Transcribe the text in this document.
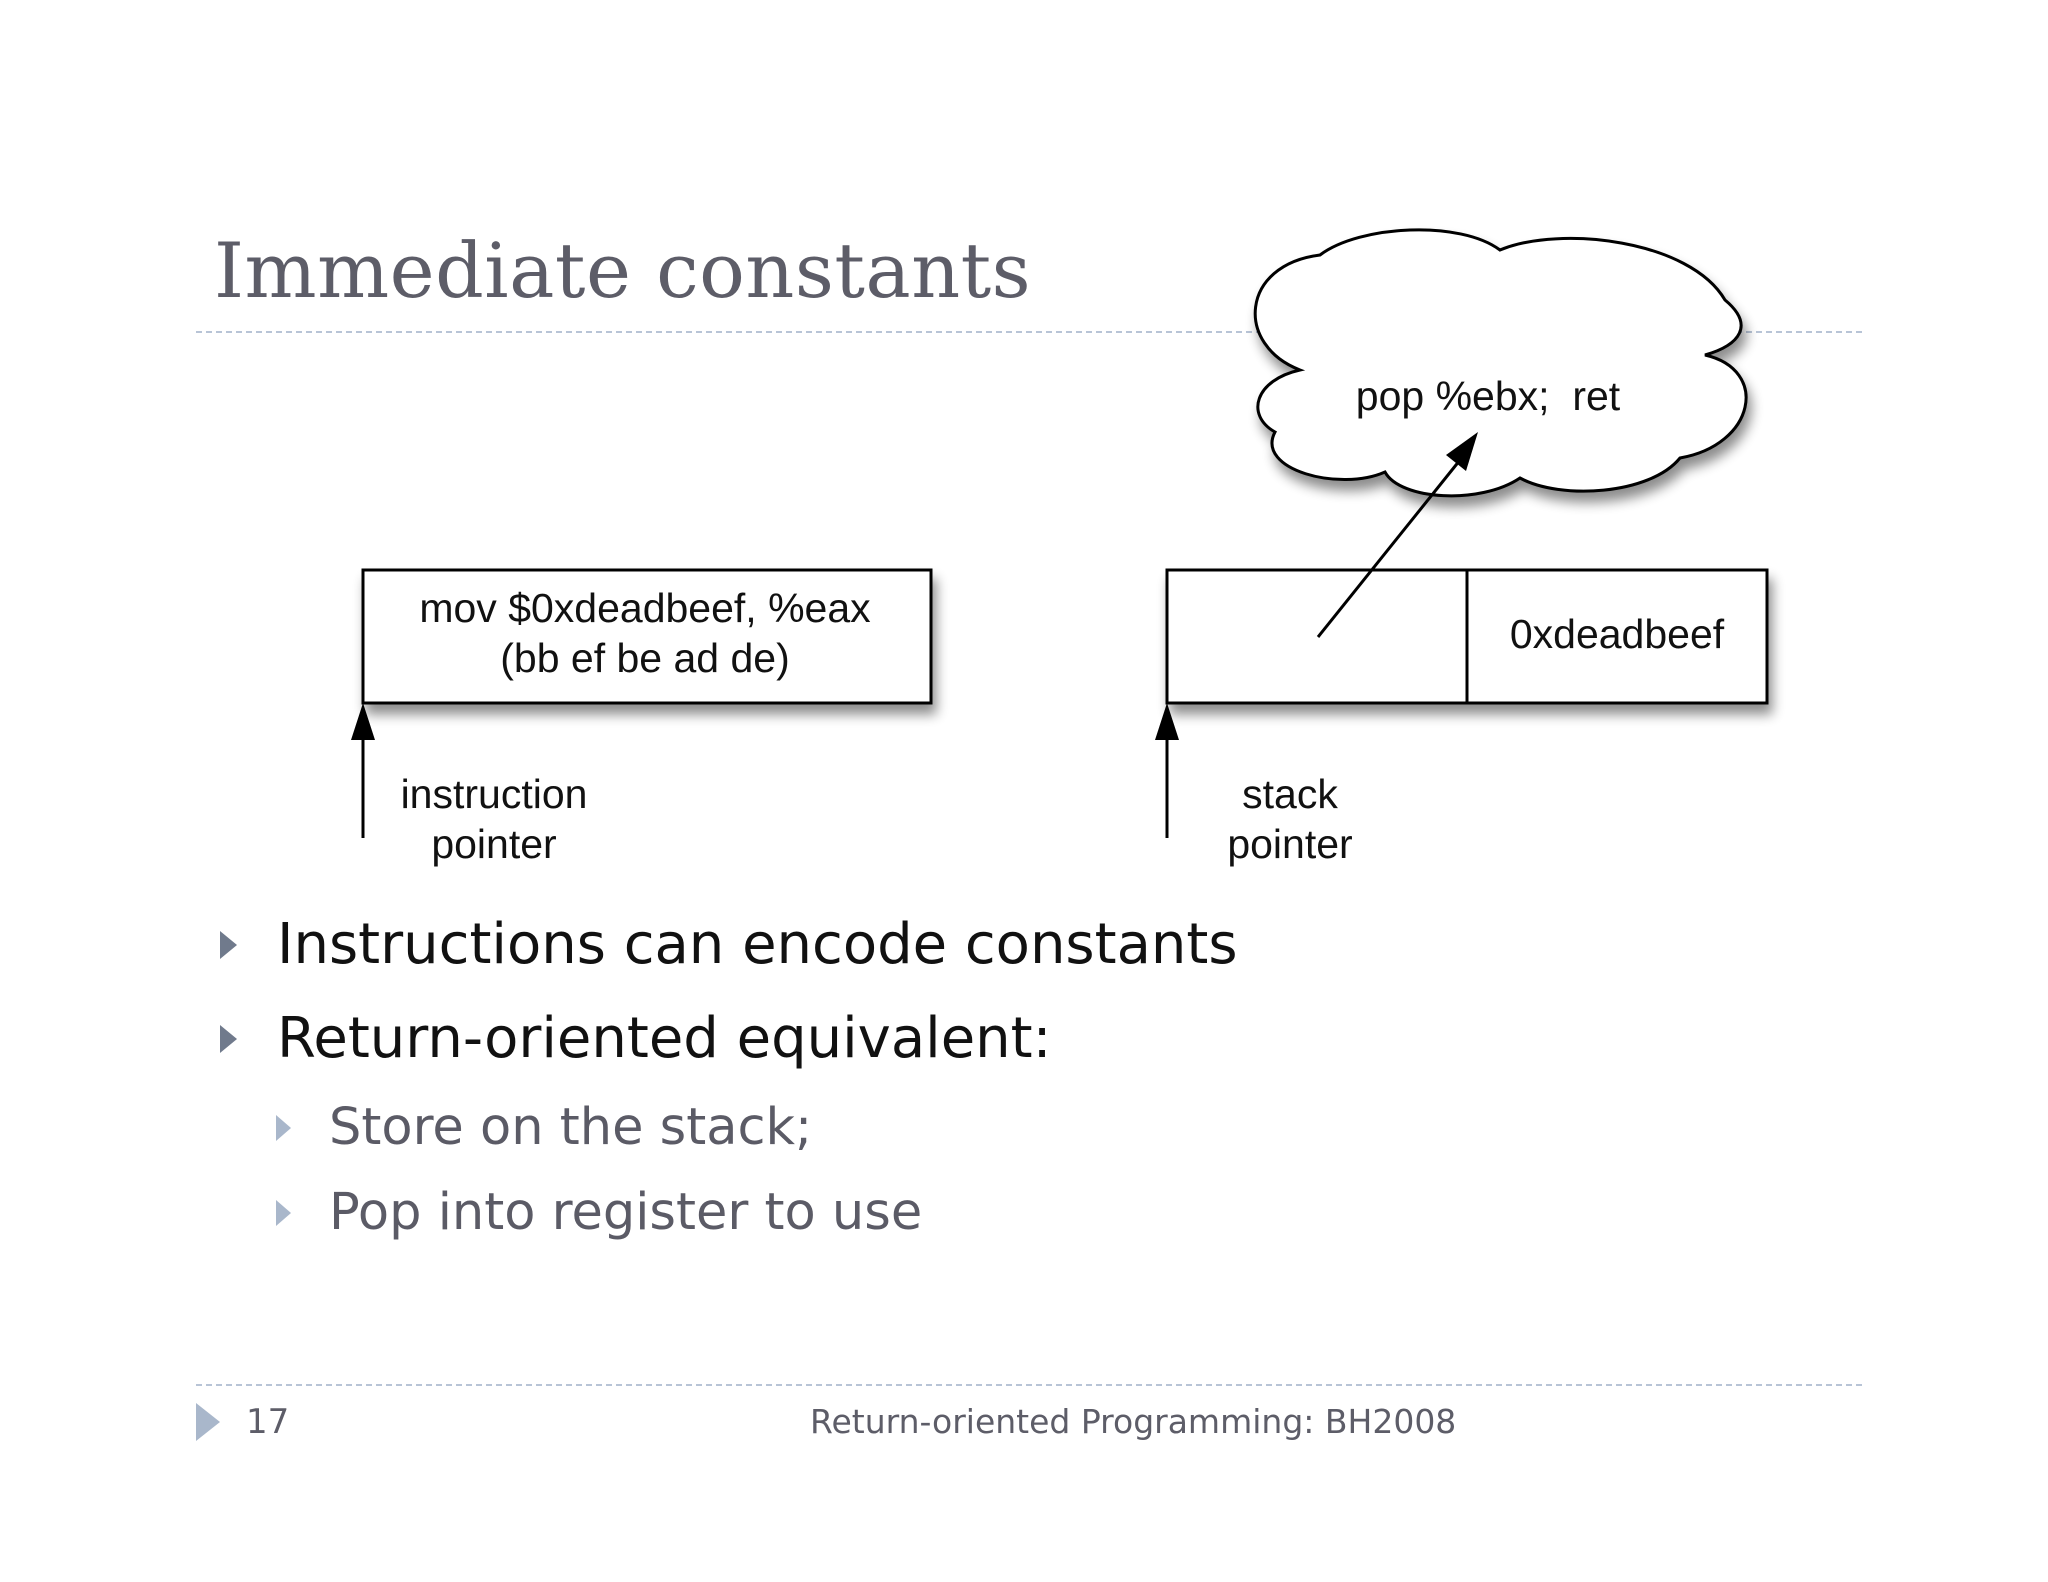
Immediate constants
pop %ebx;  ret
mov $0xdeadbeef, %eax
(bb ef be ad de)
instruction
pointer
0xdeadbeef
stack
pointer
Instructions can encode constants
Return-oriented equivalent:
Store on the stack;
Pop into register to use
17	Return-oriented Programming: BH2008
